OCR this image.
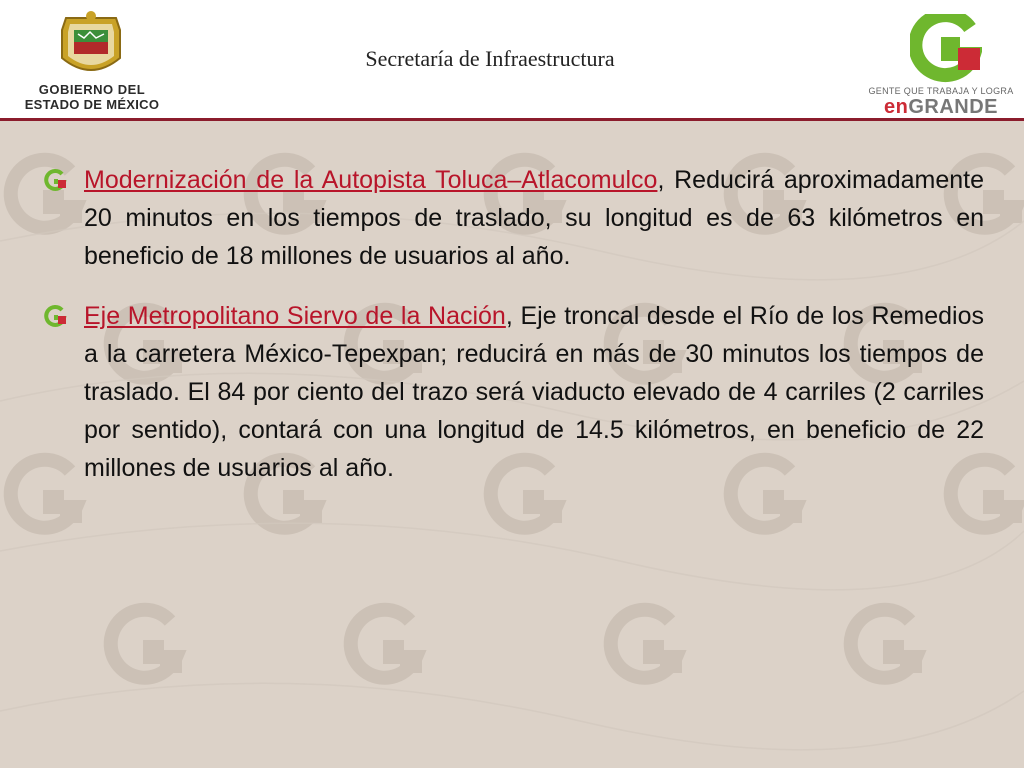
GOBIERNO DEL
ESTADO DE MÉXICO
Secretaría de Infraestructura
GENTE QUE TRABAJA Y LOGRA
enGRANDE
Modernización de la Autopista Toluca–Atlacomulco, Reducirá aproximadamente 20 minutos en los tiempos de traslado, su longitud es de 63 kilómetros en beneficio de 18 millones de usuarios al año.
Eje Metropolitano Siervo de la Nación, Eje troncal desde el Río de los Remedios a la carretera México-Tepexpan; reducirá en más de 30 minutos los tiempos de traslado. El 84 por ciento del trazo será viaducto elevado de 4 carriles (2 carriles por sentido), contará con una longitud de 14.5 kilómetros, en beneficio de 22 millones de usuarios al año.
